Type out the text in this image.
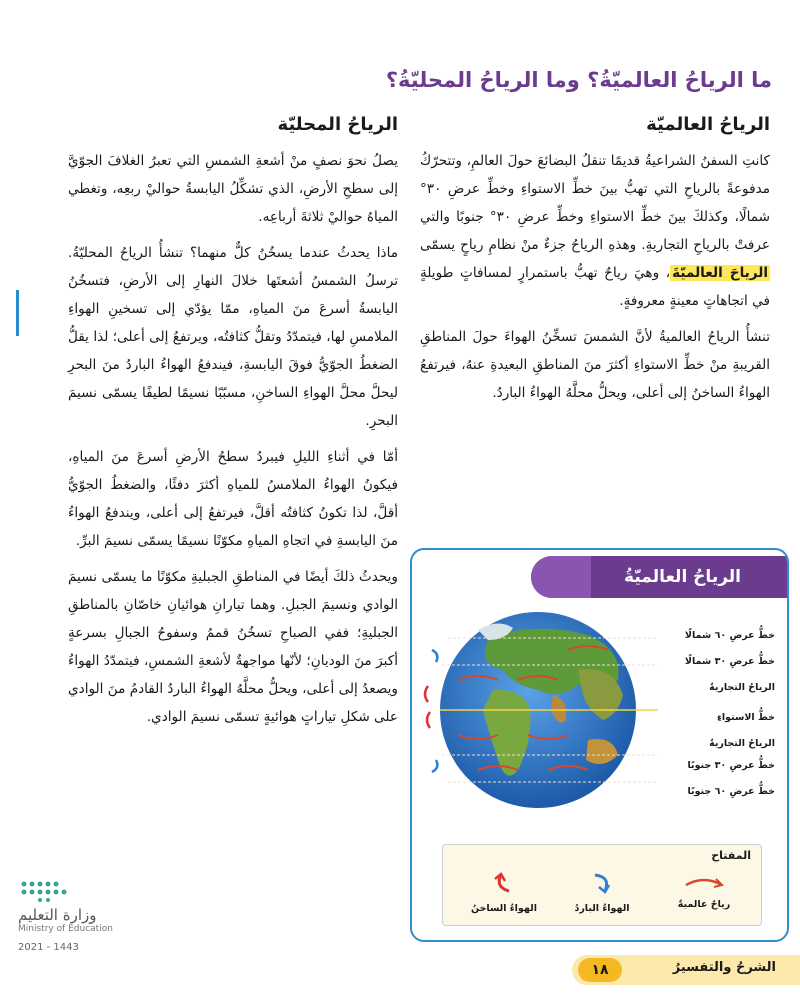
ما الرياحُ العالميّةُ؟ وما الرياحُ المحليّةُ؟
الرياحُ العالميّة

كانتِ السفنُ الشراعيةُ قديمًا تنقلُ البضائعَ حولَ العالمِ، وتتحرّكُ مدفوعةً بالرياحِ التي تهبُّ بينَ خطِّ الاستواءِ وخطِّ عرضِ ٣٠° شمالًا، وكذلكَ بينَ خطِّ الاستواءِ وخطِّ عرضِ ٣٠° جنوبًا والتي عرفتْ بالرياحِ التجاريةِ. وهذهِ الرياحُ جزءٌ منْ نظامِ رياحٍ يسمّى الرياحَ العالميّةَ، وهيَ رياحٌ تهبُّ باستمرارٍ لمسافاتٍ طويلةٍ في اتجاهاتٍ معينةٍ معروفةٍ.

تنشأُ الرياحُ العالميةُ لأنَّ الشمسَ تسخِّنُ الهواءَ حولَ المناطقِ القريبةِ منْ خطِّ الاستواءِ أكثرَ منَ المناطقِ البعيدةِ عنهُ، فيرتفعُ الهواءُ الساخنُ إلى أعلى، ويحلُّ محلَّهُ الهواءُ الباردُ.

الرياحُ المحليّة

يصلُ نحوَ نصفٍ منْ أشعةِ الشمسِ التي تعبرُ الغلافَ الجوّيَّ إلى سطحِ الأرضِ، الذي تشكِّلُ اليابسةُ حواليْ ربعِه، وتغطي المياهُ حواليْ ثلاثةَ أرباعِه.

ماذا يحدثُ عندما يسخُنُ كلٌّ منهما؟ تنشأُ الرياحُ المحليّةُ. ترسلُ الشمسُ أشعتَها خلالَ النهارِ إلى الأرضِ، فتسخُنُ اليابسةُ أسرعَ منَ المياهِ، ممّا يؤدّي إلى تسخينِ الهواءِ الملامسِ لها، فيتمدّدُ وتقلُّ كثافتُه، ويرتفعُ إلى أعلى؛ لذا يقلُّ الضغطُ الجوّيُّ فوقَ اليابسةِ، فيندفعُ الهواءُ الباردُ منَ البحرِ ليحلَّ محلَّ الهواءِ الساخنِ، مسبّبًا نسيمًا لطيفًا يسمّى نسيمَ البحرِ.

أمّا في أثناءِ الليلِ فيبردُ سطحُ الأرضِ أسرعَ منَ المياهِ، فيكونُ الهواءُ الملامسُ للمياهِ أكثرَ دفئًا، والضغطُ الجوّيُّ أقلَّ، لذا تكونُ كثافتُه أقلَّ، فيرتفعُ إلى أعلى، ويندفعُ الهواءُ منَ اليابسةِ في اتجاهِ المياهِ مكوّنًا نسيمًا يسمّى نسيمَ البرِّ.

ويحدثُ ذلكَ أيضًا في المناطقِ الجبليةِ مكوّنًا ما يسمّى نسيمَ الوادي ونسيمَ الجبلِ. وهما تيارانِ هوائيانِ خاصّانِ بالمناطقِ الجبليةِ؛ ففي الصباحِ تسخُنُ قممُ وسفوحُ الجبالِ بسرعةٍ أكبرَ منَ الوديانِ؛ لأنّها مواجهةٌ لأشعةِ الشمسِ، فيتمدّدُ الهواءُ ويصعدُ إلى أعلى، ويحلُّ محلَّهُ الهواءُ الباردُ القادمُ منَ الوادي على شكلِ تياراتٍ هوائيةٍ تسمّى نسيمَ الوادي.

الرياحُ العالميّةُ
خطُّ عرضِ ٦٠ شمالًا
خطُّ عرضِ ٣٠ شمالًا
الرياحُ التجاريةُ
خطُّ الاستواءِ
الرياحُ التجاريةُ
خطُّ عرضِ ٣٠ جنوبًا
خطُّ عرضِ ٦٠ جنوبًا
المفتاح
رياحٌ عالميةٌ
الهواءُ الباردُ
الهواءُ الساخنُ
وزارة التعليم
Ministry of Education
2021 - 1443
الشرحُ والتفسيرُ
١٨
